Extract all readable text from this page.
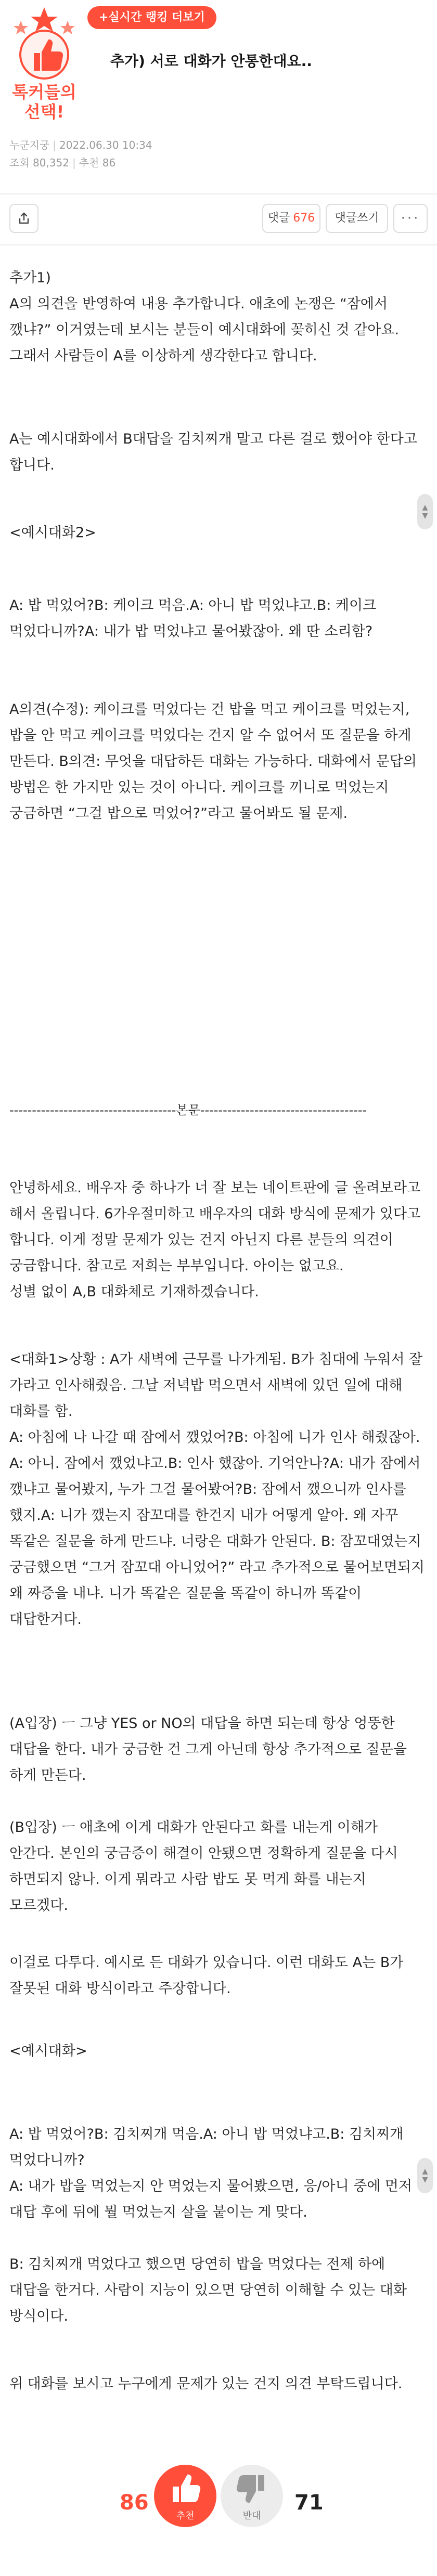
톡커들의
선택!
+실시간 랭킹 더보기
추가) 서로 대화가 안통한대요..
누군지궁 | 2022.06.30 10:34
조회 80,352 | 추천 86
댓글 676	댓글쓰기	···
추가1)
A의 의견을 반영하여 내용 추가합니다. 애초에 논쟁은 “잠에서 깼냐?” 이거였는데 보시는 분들이 예시대화에 꽂히신 것 같아요. 그래서 사람들이 A를 이상하게 생각한다고 합니다.
A는 예시대화에서 B대답을 김치찌개 말고 다른 걸로 했어야 한다고 합니다.
<예시대화2>
A: 밥 먹었어?B: 케이크 먹음.A: 아니 밥 먹었냐고.B: 케이크 먹었다니까?A: 내가 밥 먹었냐고 물어봤잖아. 왜 딴 소리함?
A의견(수정): 케이크를 먹었다는 건 밥을 먹고 케이크를 먹었는지, 밥을 안 먹고 케이크를 먹었다는 건지 알 수 없어서 또 질문을 하게 만든다. B의견: 무엇을 대답하든 대화는 가능하다. 대화에서 문답의 방법은 한 가지만 있는 것이 아니다. 케이크를 끼니로 먹었는지 궁금하면 “그걸 밥으로 먹었어?”라고 물어봐도 될 문제.
-------------------------------------본문-------------------------------------
안녕하세요. 배우자 중 하나가 너 잘 보는 네이트판에 글 올려보라고 해서 올립니다. 6가우절미하고 배우자의 대화 방식에 문제가 있다고 합니다. 이게 정말 문제가 있는 건지 아닌지 다른 분들의 의견이 궁금합니다. 참고로 저희는 부부입니다. 아이는 없고요.
성별 없이 A,B 대화체로 기재하겠습니다.
<대화1>상황 : A가 새벽에 근무를 나가게됨. B가 침대에 누워서 잘 가라고 인사해줬음. 그날 저녁밥 먹으면서 새벽에 있던 일에 대해 대화를 함.
A: 아침에 나 나갈 때 잠에서 깼었어?B: 아침에 니가 인사 해줬잖아. A: 아니. 잠에서 깼었냐고.B: 인사 했잖아. 기억안나?A: 내가 잠에서 깼냐고 물어봤지, 누가 그걸 물어봤어?B: 잠에서 깼으니까 인사를 했지.A: 니가 깼는지 잠꼬대를 한건지 내가 어떻게 알아. 왜 자꾸 똑같은 질문을 하게 만드냐. 너랑은 대화가 안된다. B: 잠꼬대였는지 궁금했으면 “그거 잠꼬대 아니었어?” 라고 추가적으로 물어보면되지 왜 짜증을 내냐. 니가 똑같은 질문을 똑같이 하니까 똑같이 대답한거다.
(A입장) ㅡ 그냥 YES or NO의 대답을 하면 되는데 항상 엉뚱한 대답을 한다. 내가 궁금한 건 그게 아닌데 항상 추가적으로 질문을 하게 만든다.
(B입장) ㅡ 애초에 이게 대화가 안된다고 화를 내는게 이해가 안간다. 본인의 궁금증이 해결이 안됐으면 정확하게 질문을 다시 하면되지 않나. 이게 뭐라고 사람 밥도 못 먹게 화를 내는지 모르겠다.
이걸로 다투다. 예시로 든 대화가 있습니다. 이런 대화도 A는 B가 잘못된 대화 방식이라고 주장합니다.
<예시대화>
A: 밥 먹었어?B: 김치찌개 먹음.A: 아니 밥 먹었냐고.B: 김치찌개 먹었다니까?
A: 내가 밥을 먹었는지 안 먹었는지 물어봤으면, 응/아니 중에 먼저 대답 후에 뒤에 뭘 먹었는지 살을 붙이는 게 맞다.
B: 김치찌개 먹었다고 했으면 당연히 밥을 먹었다는 전제 하에 대답을 한거다. 사람이 지능이 있으면 당연히 이해할 수 있는 대화 방식이다.
위 대화를 보시고 누구에게 문제가 있는 건지 의견 부탁드립니다.
▲
▼
▲
▼
86
추천	반대
71
